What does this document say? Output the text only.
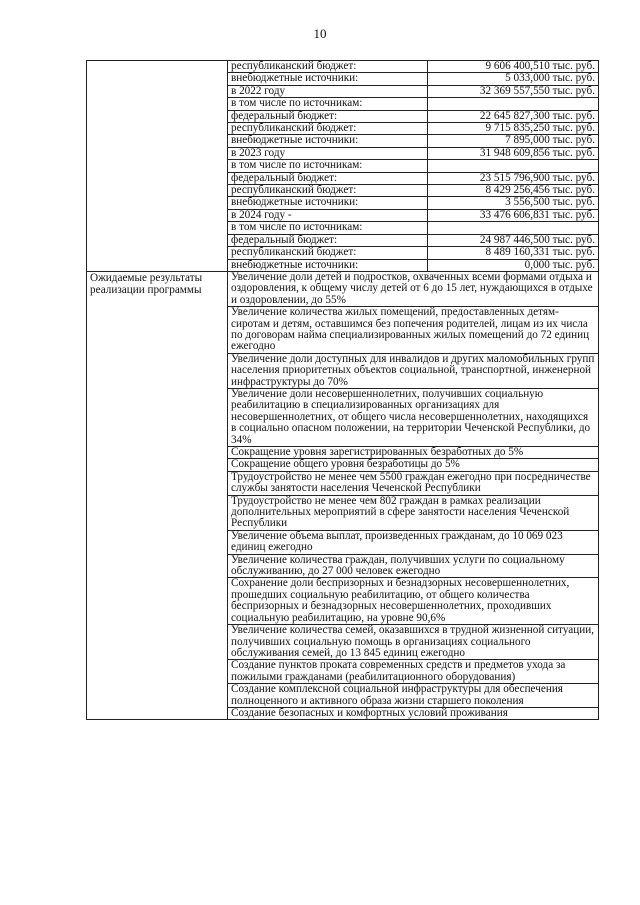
10
	республиканский бюджет:	9 606 400,510 тыс. руб.
	внебюджетные источники:	5 033,000 тыс. руб.
	в 2022 году	32 369 557,550 тыс. руб.
	в том числе по источникам:	
	федеральный бюджет:	22 645 827,300 тыс. руб.
	республиканский бюджет:	9 715 835,250 тыс. руб.
	внебюджетные источники:	7 895,000 тыс. руб.
	в 2023 году	31 948 609,856 тыс. руб.
	в том числе по источникам:	
	федеральный бюджет:	23 515 796,900 тыс. руб.
	республиканский бюджет:	8 429 256,456 тыс. руб.
	внебюджетные источники:	3 556,500 тыс. руб.
	в 2024 году -	33 476 606,831 тыс. руб.
	в том числе по источникам:	
	федеральный бюджет:	24 987 446,500 тыс. руб.
	республиканский бюджет:	8 489 160,331 тыс. руб.
	внебюджетные источники:	0,000 тыс. руб.

Ожидаемые результаты реализации программы	Увеличение доли детей и подростков, охваченных всеми формами отдыха и оздоровления, к общему числу детей от 6 до 15 лет, нуждающихся в отдыхе и оздоровлении, до 55%	
	Увеличение количества жилых помещений, предоставленных детям-сиротам и детям, оставшимся без попечения родителей, лицам из их числа по договорам найма специализированных жилых помещений до 72 единиц ежегодно	
	Увеличение доли доступных для инвалидов и других маломобильных групп населения приоритетных объектов социальной, транспортной, инженерной инфраструктуры до 70%	
	Увеличение доли несовершеннолетних, получивших социальную реабилитацию в специализированных организациях для несовершеннолетних, от общего числа несовершеннолетних, находящихся в социально опасном положении, на территории Чеченской Республики, до 34%	
	Сокращение уровня зарегистрированных безработных до 5%	
	Сокращение общего уровня безработицы до 5%	
	Трудоустройство не менее чем 5500 граждан ежегодно при посредничестве службы занятости населения Чеченской Республики	
	Трудоустройство не менее чем 802 граждан в рамках реализации дополнительных мероприятий в сфере занятости населения Чеченской Республики	
	Увеличение объема выплат, произведенных гражданам, до 10 069 023 единиц ежегодно	
	Увеличение количества граждан, получивших услуги по социальному обслуживанию, до 27 000 человек ежегодно	
	Сохранение доли беспризорных и безнадзорных несовершеннолетних, прошедших социальную реабилитацию, от общего количества беспризорных и безнадзорных несовершеннолетних, проходивших социальную реабилитацию, на уровне 90,6%	
	Увеличение количества семей, оказавшихся в трудной жизненной ситуации, получивших социальную помощь в организациях социального обслуживания семей, до 13 845 единиц ежегодно	
	Создание пунктов проката современных средств и предметов ухода за пожилыми гражданами (реабилитационного оборудования)	
	Создание комплексной социальной инфраструктуры для обеспечения полноценного и активного образа жизни старшего поколения	
	Создание безопасных и комфортных условий проживания	
